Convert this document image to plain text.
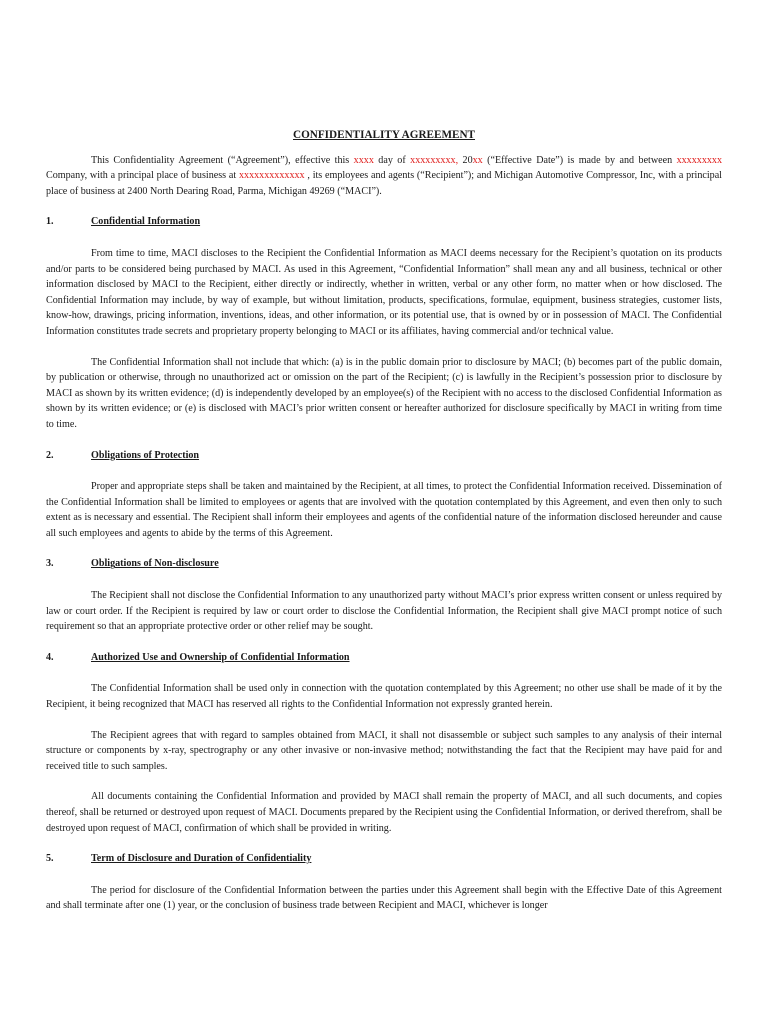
CONFIDENTIALITY AGREEMENT

This Confidentiality Agreement (“Agreement”), effective this xxxx day of xxxxxxxxx, 20xx (“Effective Date”) is made by and between xxxxxxxxx Company, with a principal place of business at xxxxxxxxxxxxx , its employees and agents (“Recipient”); and Michigan Automotive Compressor, Inc, with a principal place of business at 2400 North Dearing Road, Parma, Michigan 49269 (“MACI”).

1.	Confidential Information

From time to time, MACI discloses to the Recipient the Confidential Information as MACI deems necessary for the Recipient’s quotation on its products and/or parts to be considered being purchased by MACI. As used in this Agreement, “Confidential Information” shall mean any and all business, technical or other information disclosed by MACI to the Recipient, either directly or indirectly, whether in written, verbal or any other form, no matter when or how disclosed. The Confidential Information may include, by way of example, but without limitation, products, specifications, formulae, equipment, business strategies, customer lists, know-how, drawings, pricing information, inventions, ideas, and other information, or its potential use, that is owned by or in possession of MACI. The Confidential Information constitutes trade secrets and proprietary property belonging to MACI or its affiliates, having commercial and/or technical value.

The Confidential Information shall not include that which: (a) is in the public domain prior to disclosure by MACI; (b) becomes part of the public domain, by publication or otherwise, through no unauthorized act or omission on the part of the Recipient; (c) is lawfully in the Recipient’s possession prior to disclosure by MACI as shown by its written evidence; (d) is independently developed by an employee(s) of the Recipient with no access to the disclosed Confidential Information as shown by its written evidence; or (e) is disclosed with MACI’s prior written consent or hereafter authorized for disclosure specifically by MACI in writing from time to time.

2.	Obligations of Protection

Proper and appropriate steps shall be taken and maintained by the Recipient, at all times, to protect the Confidential Information received. Dissemination of the Confidential Information shall be limited to employees or agents that are involved with the quotation contemplated by this Agreement, and even then only to such extent as is necessary and essential. The Recipient shall inform their employees and agents of the confidential nature of the information disclosed hereunder and cause all such employees and agents to abide by the terms of this Agreement.

3.	Obligations of Non-disclosure

The Recipient shall not disclose the Confidential Information to any unauthorized party without MACI’s prior express written consent or unless required by law or court order. If the Recipient is required by law or court order to disclose the Confidential Information, the Recipient shall give MACI prompt notice of such requirement so that an appropriate protective order or other relief may be sought.

4.	Authorized Use and Ownership of Confidential Information

The Confidential Information shall be used only in connection with the quotation contemplated by this Agreement; no other use shall be made of it by the Recipient, it being recognized that MACI has reserved all rights to the Confidential Information not expressly granted herein.

The Recipient agrees that with regard to samples obtained from MACI, it shall not disassemble or subject such samples to any analysis of their internal structure or components by x-ray, spectrography or any other invasive or non-invasive method; notwithstanding the fact that the Recipient may have paid for and received title to such samples.

All documents containing the Confidential Information and provided by MACI shall remain the property of MACI, and all such documents, and copies thereof, shall be returned or destroyed upon request of MACI. Documents prepared by the Recipient using the Confidential Information, or derived therefrom, shall be destroyed upon request of MACI, confirmation of which shall be provided in writing.

5.	Term of Disclosure and Duration of Confidentiality

The period for disclosure of the Confidential Information between the parties under this Agreement shall begin with the Effective Date of this Agreement and shall terminate after one (1) year, or the conclusion of business trade between Recipient and MACI, whichever is longer
